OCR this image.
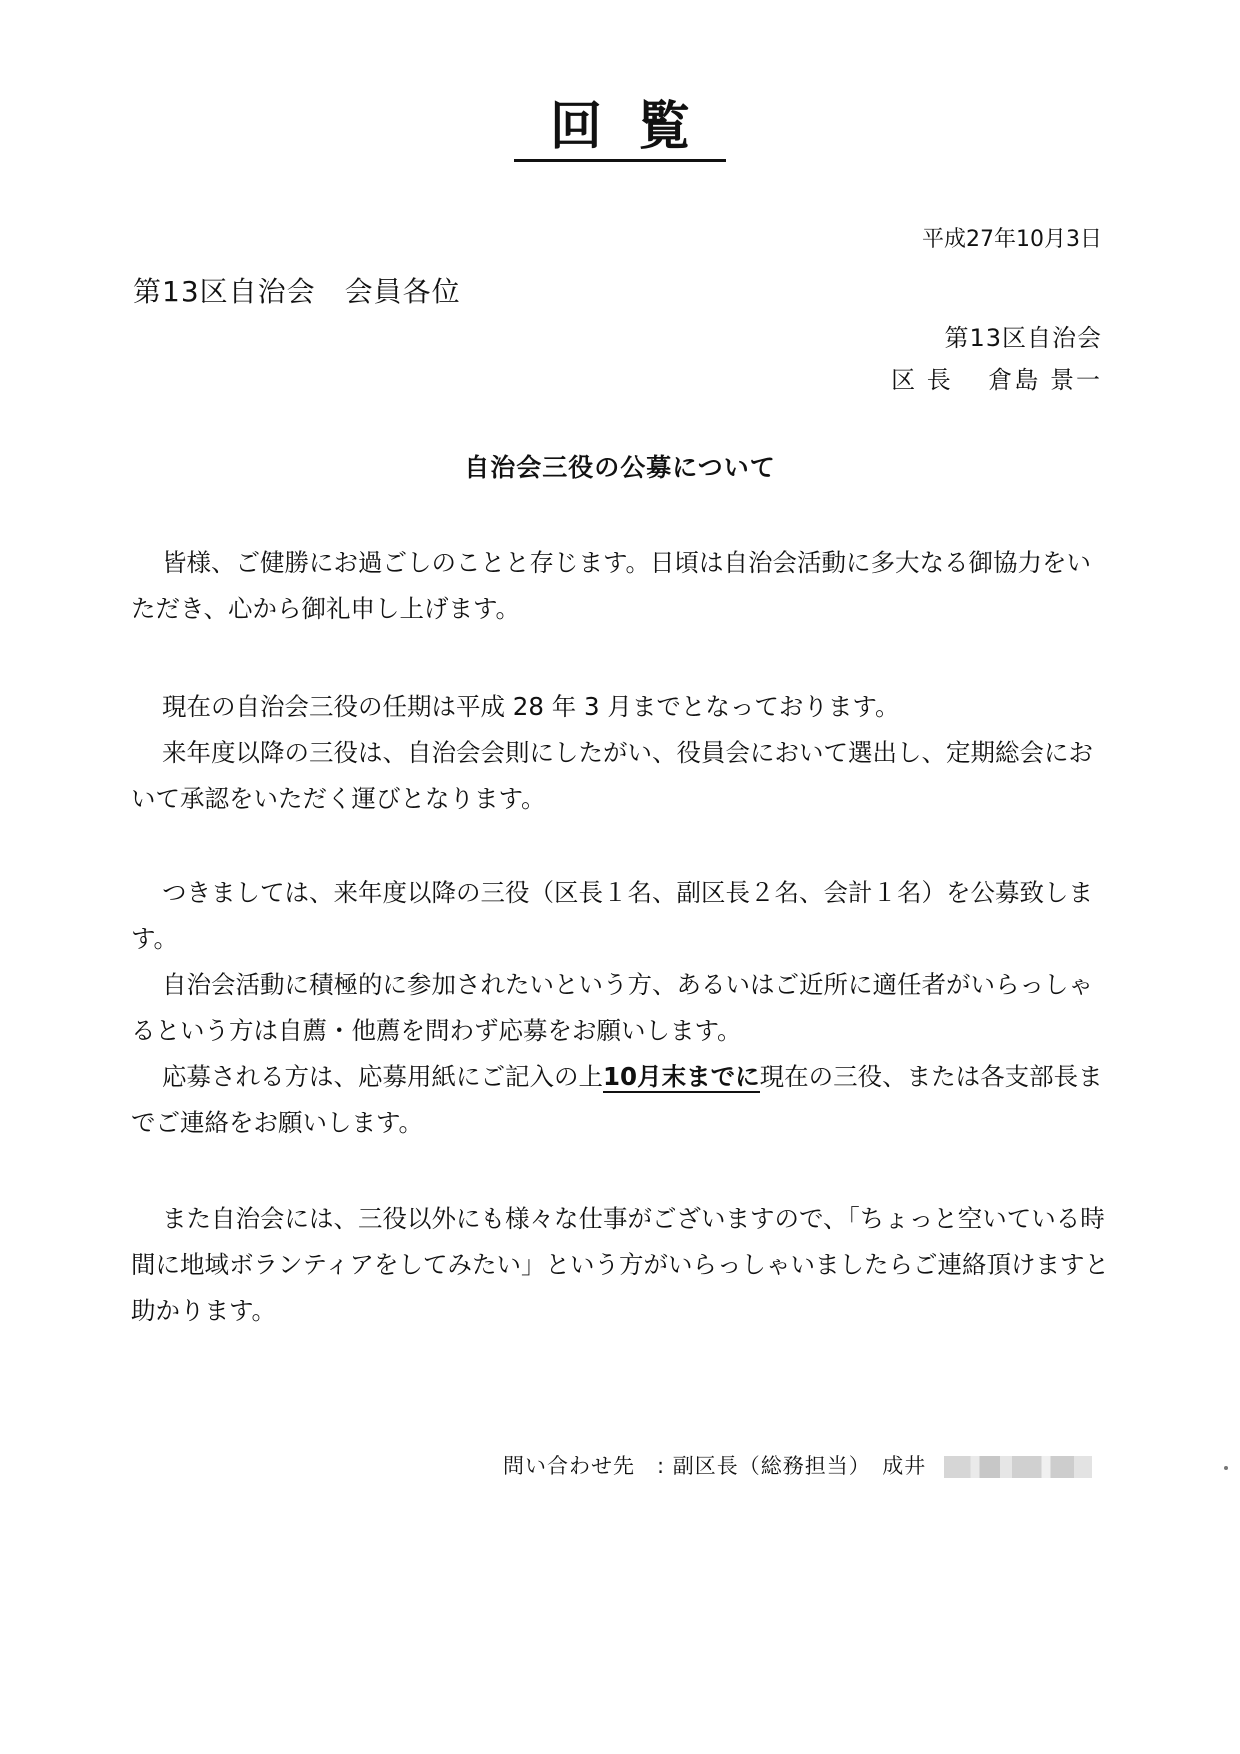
回覧
平成27年10月3日
第13区自治会　会員各位
第13区自治会
区 長　 倉島 景一
自治会三役の公募について
皆様、ご健勝にお過ごしのことと存じます。日頃は自治会活動に多大なる御協力をいただき、心から御礼申し上げます。
現在の自治会三役の任期は平成 28 年 3 月までとなっております。
来年度以降の三役は、自治会会則にしたがい、役員会において選出し、定期総会において承認をいただく運びとなります。
つきましては、来年度以降の三役（区長１名、副区長２名、会計１名）を公募致します。
自治会活動に積極的に参加されたいという方、あるいはご近所に適任者がいらっしゃるという方は自薦・他薦を問わず応募をお願いします。
応募される方は、応募用紙にご記入の上10月末までに現在の三役、または各支部長までご連絡をお願いします。
また自治会には、三役以外にも様々な仕事がございますので、「ちょっと空いている時間に地域ボランティアをしてみたい」という方がいらっしゃいましたらご連絡頂けますと助かります。
問い合わせ先　: 副区長（総務担当）　成井
